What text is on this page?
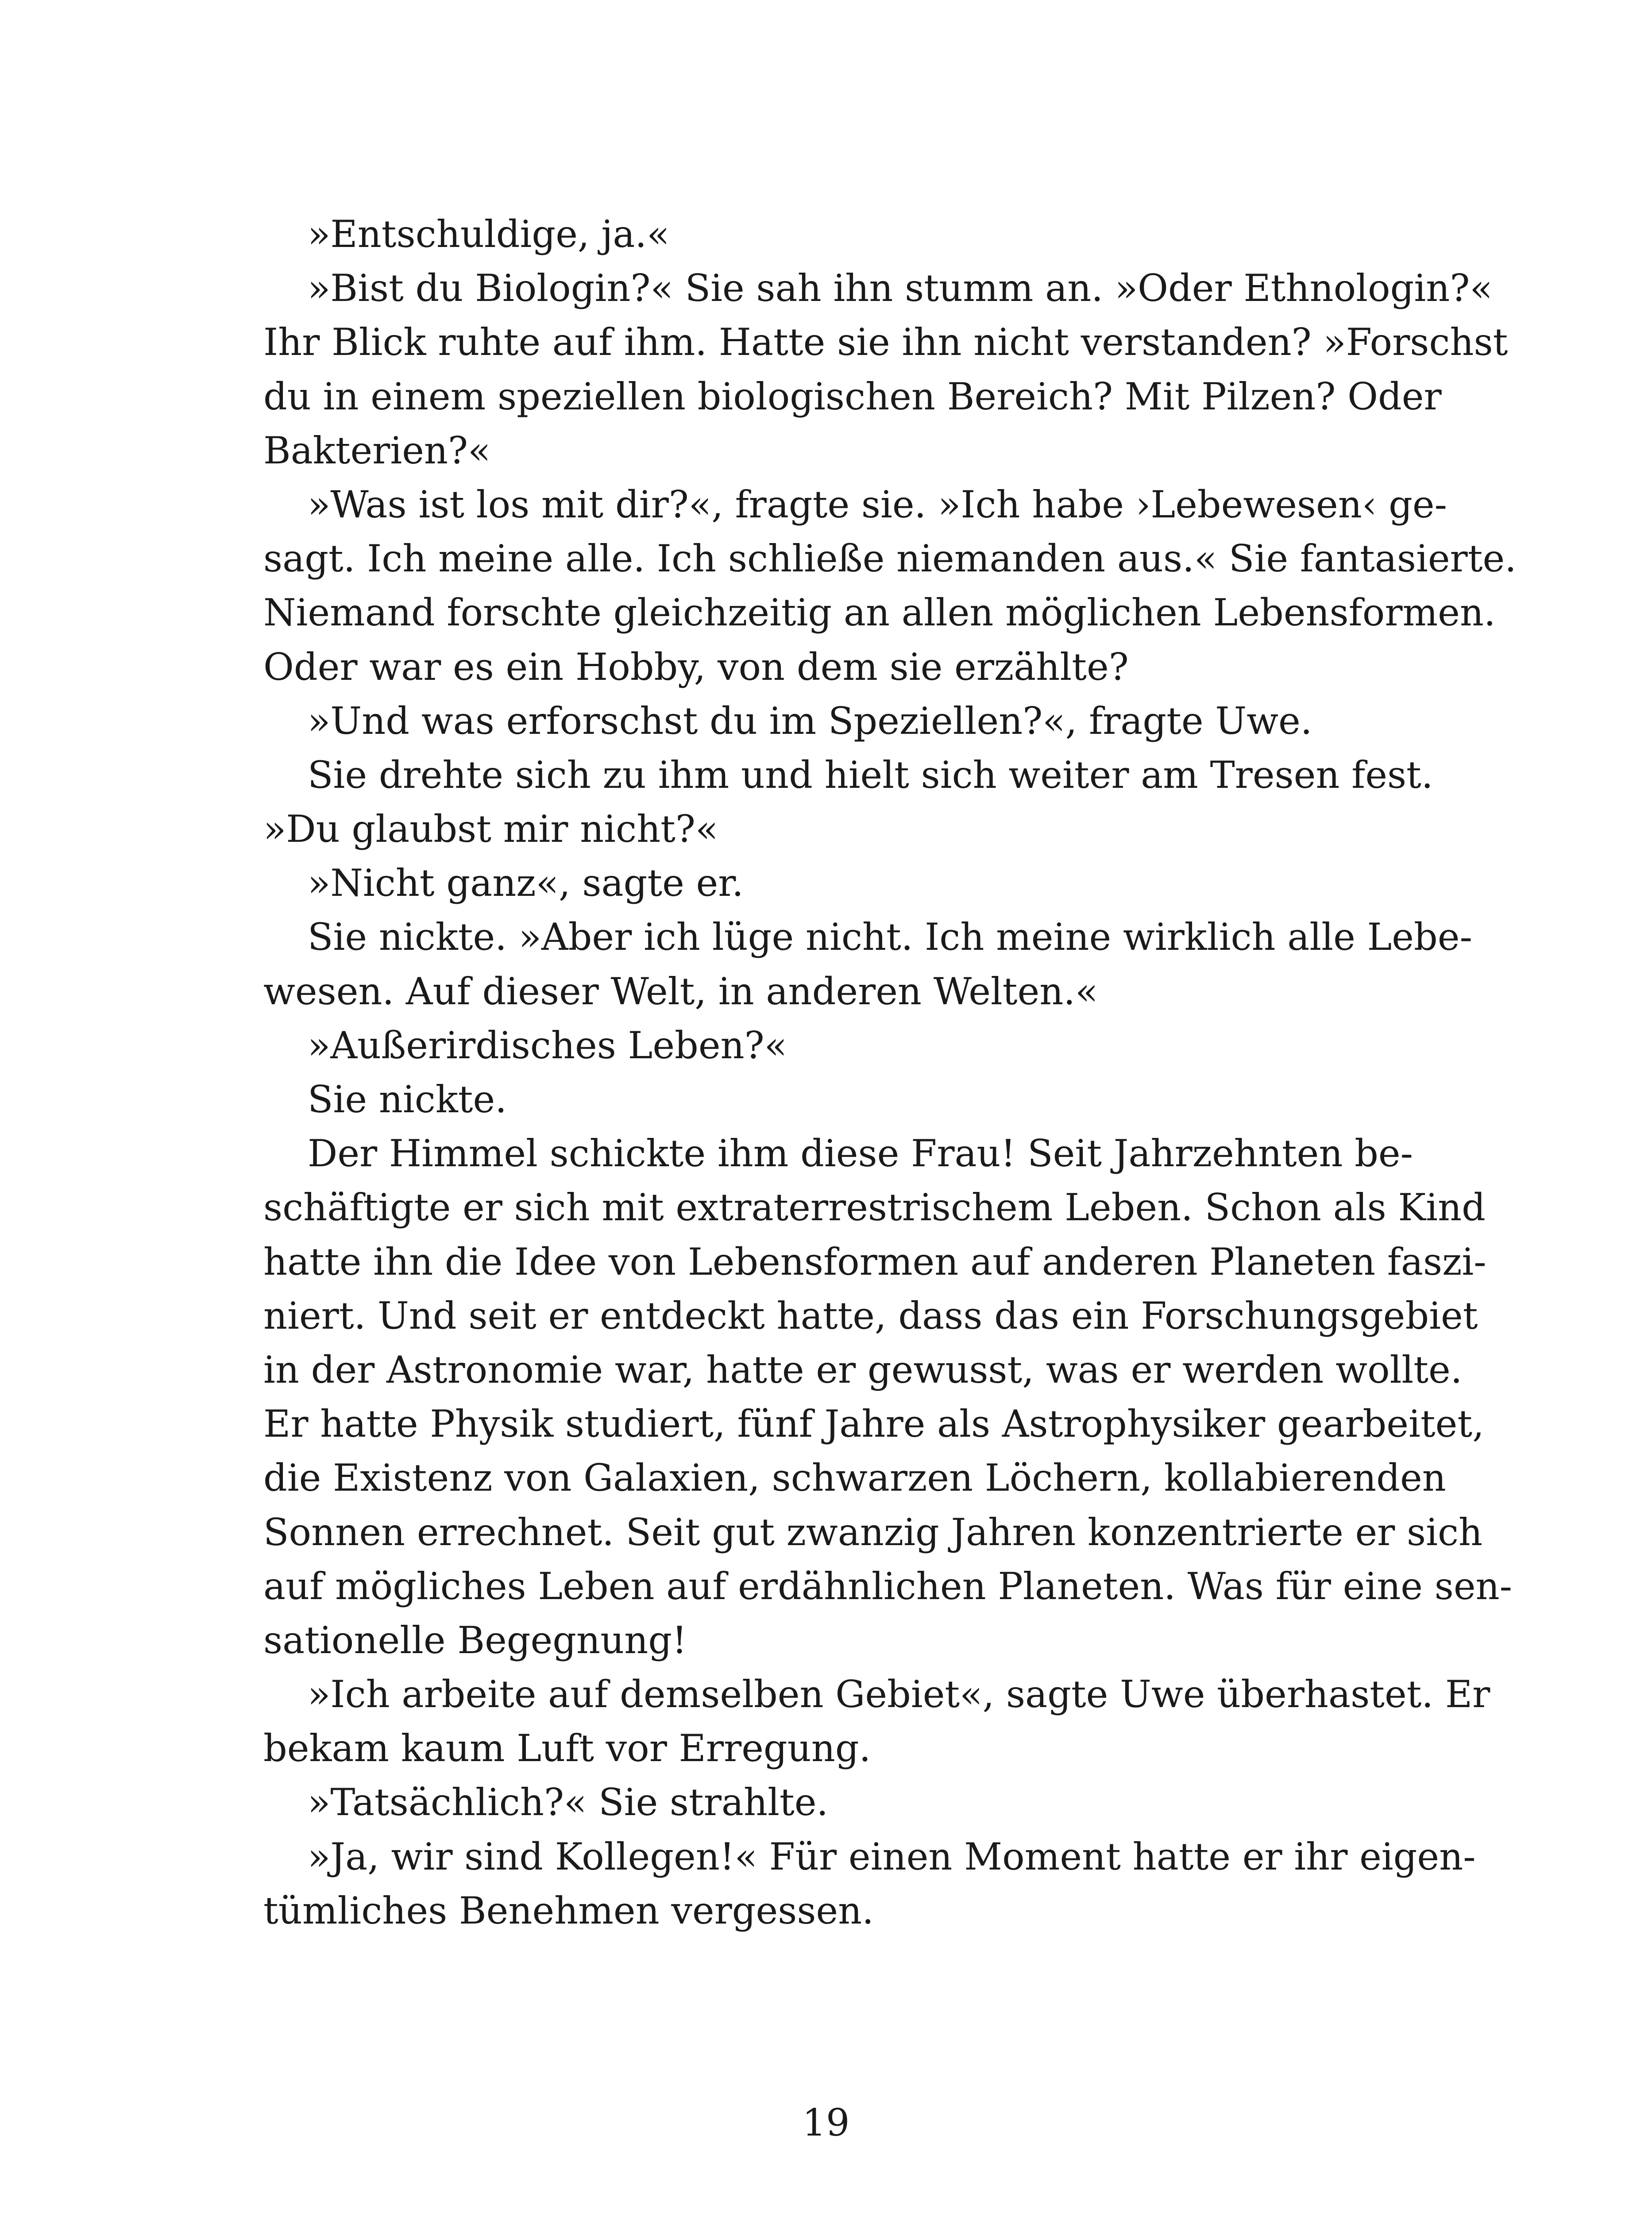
»Entschuldige, ja.«
»Bist du Biologin?« Sie sah ihn stumm an. »Oder Ethnologin?«
Ihr Blick ruhte auf ihm. Hatte sie ihn nicht verstanden? »Forschst
du in einem speziellen biologischen Bereich? Mit Pilzen? Oder
Bakterien?«
»Was ist los mit dir?«, fragte sie. »Ich habe ›Lebewesen‹ ge-
sagt. Ich meine alle. Ich schließe niemanden aus.« Sie fantasierte.
Niemand forschte gleichzeitig an allen möglichen Lebensformen.
Oder war es ein Hobby, von dem sie erzählte?
»Und was erforschst du im Speziellen?«, fragte Uwe.
Sie drehte sich zu ihm und hielt sich weiter am Tresen fest.
»Du glaubst mir nicht?«
»Nicht ganz«, sagte er.
Sie nickte. »Aber ich lüge nicht. Ich meine wirklich alle Lebe-
wesen. Auf dieser Welt, in anderen Welten.«
»Außerirdisches Leben?«
Sie nickte.
Der Himmel schickte ihm diese Frau! Seit Jahrzehnten be-
schäftigte er sich mit extraterrestrischem Leben. Schon als Kind
hatte ihn die Idee von Lebensformen auf anderen Planeten faszi-
niert. Und seit er entdeckt hatte, dass das ein Forschungsgebiet
in der Astronomie war, hatte er gewusst, was er werden wollte.
Er hatte Physik studiert, fünf Jahre als Astrophysiker gearbeitet,
die Existenz von Galaxien, schwarzen Löchern, kollabierenden
Sonnen errechnet. Seit gut zwanzig Jahren konzentrierte er sich
auf mögliches Leben auf erdähnlichen Planeten. Was für eine sen-
sationelle Begegnung!
»Ich arbeite auf demselben Gebiet«, sagte Uwe überhastet. Er
bekam kaum Luft vor Erregung.
»Tatsächlich?« Sie strahlte.
»Ja, wir sind Kollegen!« Für einen Moment hatte er ihr eigen-
tümliches Benehmen vergessen.
19
